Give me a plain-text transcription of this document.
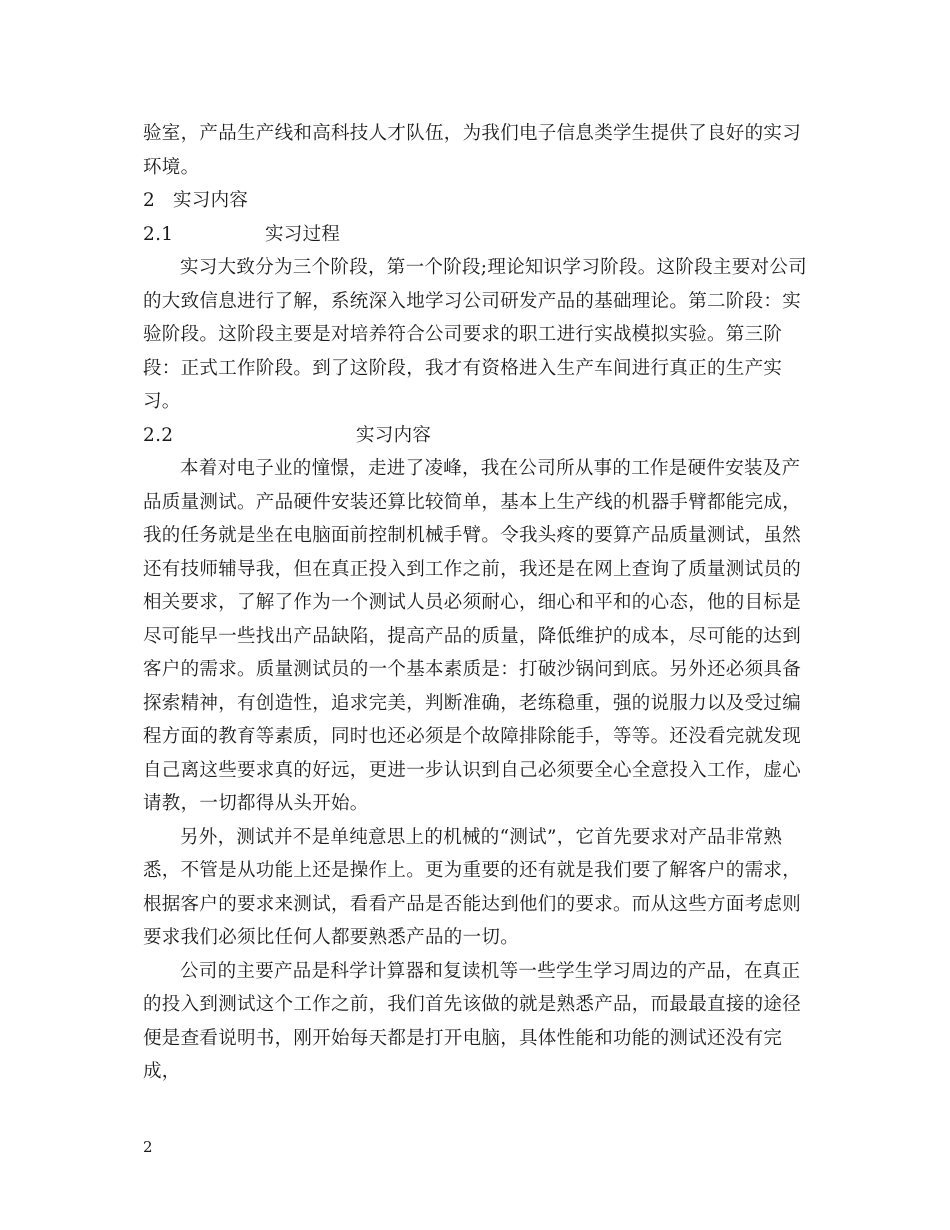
验室，产品生产线和高科技人才队伍，为我们电子信息类学生提供了良好的实习环境。

2 实习内容

2.1	实习过程

实习大致分为三个阶段，第一个阶段;理论知识学习阶段。这阶段主要对公司的大致信息进行了解，系统深入地学习公司研发产品的基础理论。第二阶段：实验阶段。这阶段主要是对培养符合公司要求的职工进行实战模拟实验。第三阶段：正式工作阶段。到了这阶段，我才有资格进入生产车间进行真正的生产实习。

2.2	实习内容

本着对电子业的憧憬，走进了凌峰，我在公司所从事的工作是硬件安装及产品质量测试。产品硬件安装还算比较简单，基本上生产线的机器手臂都能完成，我的任务就是坐在电脑面前控制机械手臂。令我头疼的要算产品质量测试，虽然还有技师辅导我，但在真正投入到工作之前，我还是在网上查询了质量测试员的相关要求，了解了作为一个测试人员必须耐心，细心和平和的心态，他的目标是尽可能早一些找出产品缺陷，提高产品的质量，降低维护的成本，尽可能的达到客户的需求。质量测试员的一个基本素质是：打破沙锅问到底。另外还必须具备探索精神，有创造性，追求完美，判断准确，老练稳重，强的说服力以及受过编程方面的教育等素质，同时也还必须是个故障排除能手，等等。还没看完就发现自己离这些要求真的好远，更进一步认识到自己必须要全心全意投入工作，虚心请教，一切都得从头开始。

另外，测试并不是单纯意思上的机械的“测试”，它首先要求对产品非常熟悉，不管是从功能上还是操作上。更为重要的还有就是我们要了解客户的需求，根据客户的要求来测试，看看产品是否能达到他们的要求。而从这些方面考虑则要求我们必须比任何人都要熟悉产品的一切。

公司的主要产品是科学计算器和复读机等一些学生学习周边的产品，在真正的投入到测试这个工作之前，我们首先该做的就是熟悉产品，而最最直接的途径便是查看说明书，刚开始每天都是打开电脑，具体性能和功能的测试还没有完成，

2
